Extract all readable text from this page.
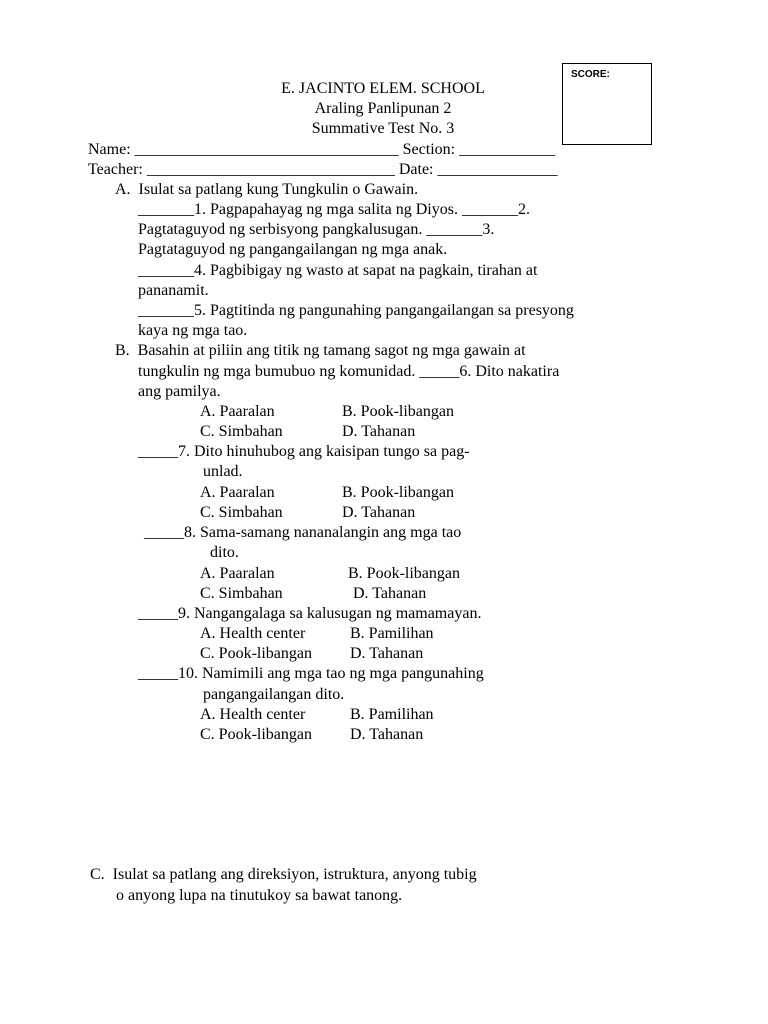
SCORE:
E. JACINTO ELEM. SCHOOL
Araling Panlipunan 2
Summative Test No. 3
Name: _________________________________ Section: ____________
Teacher: _______________________________ Date: _______________
A.  Isulat sa patlang kung Tungkulin o Gawain.
_______1. Pagpapahayag ng mga salita ng Diyos. _______2.
Pagtataguyod ng serbisyong pangkalusugan. _______3.
Pagtataguyod ng pangangailangan ng mga anak.
_______4. Pagbibigay ng wasto at sapat na pagkain, tirahan at
pananamit.
_______5. Pagtitinda ng pangunahing pangangailangan sa presyong
kaya ng mga tao.
B.  Basahin at piliin ang titik ng tamang sagot ng mga gawain at
tungkulin ng mga bumubuo ng komunidad. _____6. Dito nakatira
ang pamilya.
A. Paaralan	B. Pook-libangan
C. Simbahan	D. Tahanan
_____7. Dito hinuhubog ang kaisipan tungo sa pag-
unlad.
A. Paaralan	B. Pook-libangan
C. Simbahan	D. Tahanan
_____8. Sama-samang nananalangin ang mga tao
dito.
A. Paaralan	B. Pook-libangan
C. Simbahan	D. Tahanan
_____9. Nangangalaga sa kalusugan ng mamamayan.
A. Health center	B. Pamilihan
C. Pook-libangan D. Tahanan
_____10. Namimili ang mga tao ng mga pangunahing
pangangailangan dito.
A. Health center	B. Pamilihan
C. Pook-libangan D. Tahanan
C.  Isulat sa patlang ang direksiyon, istruktura, anyong tubig
o anyong lupa na tinutukoy sa bawat tanong.
